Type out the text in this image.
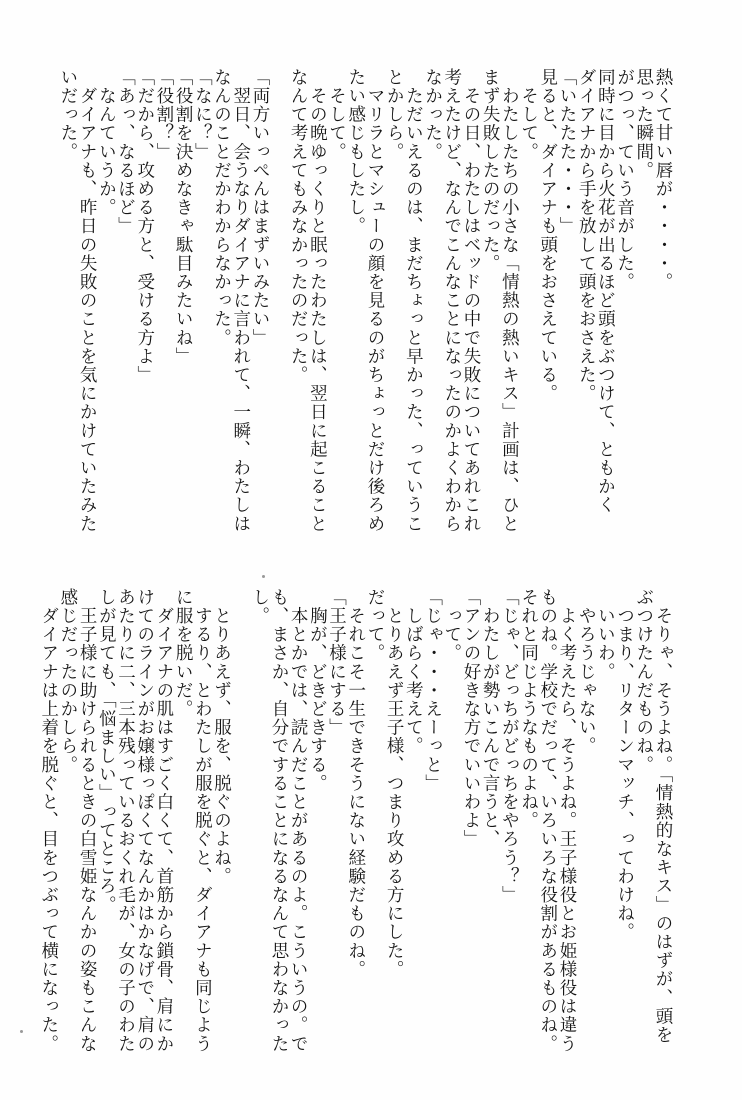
熱くて甘い唇が・・・・。
思った瞬間。
がつっ、ていう音がした。
同時に目から火花が出るほど頭をぶつけて、ともかく
ダイアナから手を放して頭をおさえた。
「いたたた・・・」
見ると、ダイアナも頭をおさえている。
　そして。
　わたしたちの小さな「情熱の熱いキス」計画は、ひと
まず失敗したのだった。
　その日、わたしはベッドの中で失敗についてあれこれ
考えたけど、なんでこんなことになったのかよくわから
なかった。
　ただいえるのは、まだちょっと早かった、っていうこ
とかしら。
　マリラとマシューの顔を見るのがちょっとだけ後ろめ
たい感じもしたし。
　そして。
　その晩ゆっくりと眠ったわたしは、翌日に起こること
なんて考えてもみなかったのだった。
「両方いっぺんはまずいみたい」
　翌日、会うなりダイアナに言われて、一瞬、わたしは
なんのことだかわからなかった。
「なに？」
「役割を決めなきゃ駄目みたいね」
「役割？」
「だから、攻める方と、受ける方よ」
「あっ、なるほど」
　なんていうか。
　ダイアナも、昨日の失敗のことを気にかけていたみた
いだった。
　そりゃ、そうよね。「情熱的なキス」のはずが、頭を
ぶつけたんだものね。
　つまり、リターンマッチ、ってわけね。
　いいわ。
　やろうじゃない。
　よく考えたら、そうよね。王子様役とお姫様役は違う
ものね。学校でだって、いろいろな役割があるものね。
それと同じようなものよね。
「じゃ、どっちがどっちをやろう？」
　わたしが勢いこんで言うと、
「アンの好きな方でいいわよ」
　って。
「じゃ・・・えーっと」
　しばらく考えて。
　とりあえず王子様、つまり攻める方にした。
だって。
　それこそ一生できそうにない経験だものね。
「王子様にする」
　胸が、どきどきする。
　本とかでは、読んだことがあるのよ。こういうの。で
も、まさか、自分ですることになるなんて思わなかった
し。
　とりあえず、服を、脱ぐのよね。
　するり、とわたしが服を脱ぐと、ダイアナも同じよう
に服を脱いだ。
　ダイアナの肌はすごく白くて、首筋から鎖骨、肩にか
けてのラインがお嬢様っぽくてなんかはかなげで、肩の
あたりに二、三本残っているおくれ毛が、女の子のわた
しが見ても、「悩ましい」ってところ。
　王子様に助けられるときの白雪姫なんかの姿もこんな
感じだったのかしら。
　ダイアナは上着を脱ぐと、目をつぶって横になった。
